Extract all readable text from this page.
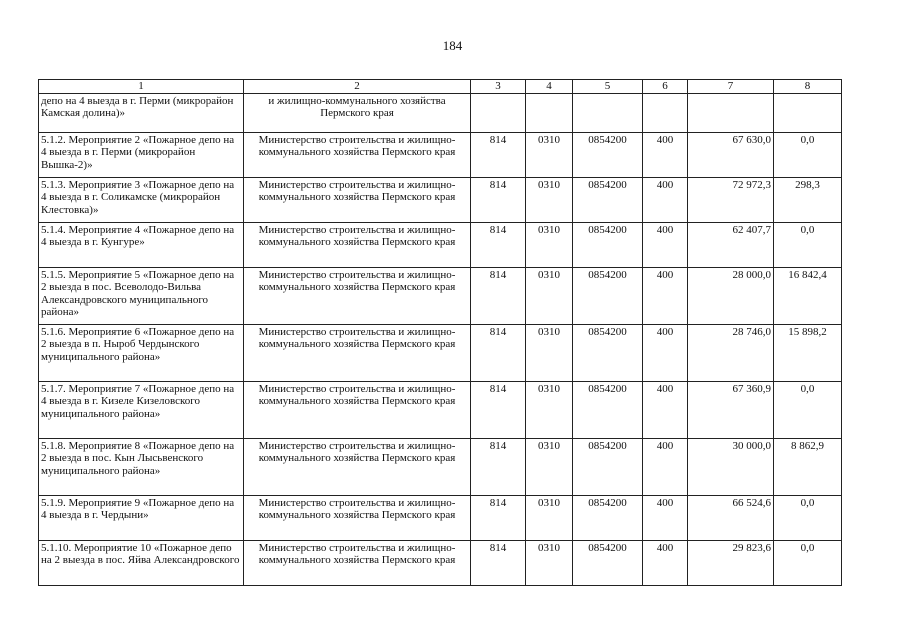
184
1	2	3	4	5	6	7	8
депо на 4 выезда в г. Перми (микрорайон Камская долина)»	и жилищно-коммунального хозяйства Пермского края						
5.1.2. Мероприятие 2 «Пожарное депо на 4 выезда в г. Перми (микрорайон Вышка-2)»	Министерство строительства и жилищно-коммунального хозяйства Пермского края	814	0310	0854200	400	67 630,0	0,0
5.1.3. Мероприятие 3 «Пожарное депо на 4 выезда в г. Соликамске (микрорайон Клестовка)»	Министерство строительства и жилищно-коммунального хозяйства Пермского края	814	0310	0854200	400	72 972,3	298,3
5.1.4. Мероприятие 4 «Пожарное депо на 4 выезда в г. Кунгуре»	Министерство строительства и жилищно-коммунального хозяйства Пермского края	814	0310	0854200	400	62 407,7	0,0
5.1.5. Мероприятие 5 «Пожарное депо на 2 выезда в пос. Всеволодо-Вильва Александровского муниципального района»	Министерство строительства и жилищно-коммунального хозяйства Пермского края	814	0310	0854200	400	28 000,0	16 842,4
5.1.6. Мероприятие 6 «Пожарное депо на 2 выезда в п. Ныроб Чердынского муниципального района»	Министерство строительства и жилищно-коммунального хозяйства Пермского края	814	0310	0854200	400	28 746,0	15 898,2
5.1.7. Мероприятие 7 «Пожарное депо на 4 выезда в г. Кизеле Кизеловского муниципального района»	Министерство строительства и жилищно-коммунального хозяйства Пермского края	814	0310	0854200	400	67 360,9	0,0
5.1.8. Мероприятие 8 «Пожарное депо на 2 выезда в пос. Кын Лысьвенского муниципального района»	Министерство строительства и жилищно-коммунального хозяйства Пермского края	814	0310	0854200	400	30 000,0	8 862,9
5.1.9. Мероприятие 9 «Пожарное депо на 4 выезда в г. Чердыни»	Министерство строительства и жилищно-коммунального хозяйства Пермского края	814	0310	0854200	400	66 524,6	0,0
5.1.10. Мероприятие 10 «Пожарное депо на 2 выезда в пос. Яйва Александровского	Министерство строительства и жилищно-коммунального хозяйства Пермского края	814	0310	0854200	400	29 823,6	0,0
